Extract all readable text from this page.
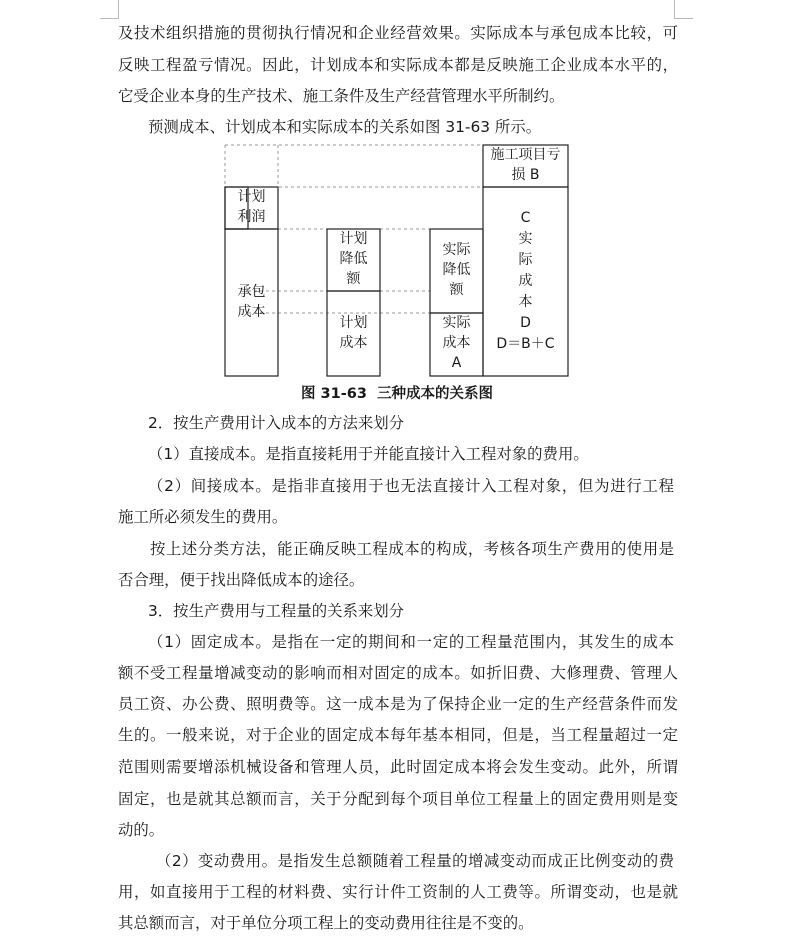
及技术组织措施的贯彻执行情况和企业经营效果。实际成本与承包成本比较，可
反映工程盈亏情况。因此，计划成本和实际成本都是反映施工企业成本水平的，
它受企业本身的生产技术、施工条件及生产经营管理水平所制约。
预测成本、计划成本和实际成本的关系如图 31-63 所示。
施工项目亏
损 B
计划
利润
承包
成本
计划
降低
额
计划
成本
实际
降低
额
实际
成本
A
C
实
际
成
本
D
D＝B＋C
图 31-63  三种成本的关系图
2．按生产费用计入成本的方法来划分
（1）直接成本。是指直接耗用于并能直接计入工程对象的费用。
（2）间接成本。是指非直接用于也无法直接计入工程对象，但为进行工程
施工所必须发生的费用。
按上述分类方法，能正确反映工程成本的构成，考核各项生产费用的使用是
否合理，便于找出降低成本的途径。
3．按生产费用与工程量的关系来划分
（1）固定成本。是指在一定的期间和一定的工程量范围内，其发生的成本
额不受工程量增减变动的影响而相对固定的成本。如折旧费、大修理费、管理人
员工资、办公费、照明费等。这一成本是为了保持企业一定的生产经营条件而发
生的。一般来说，对于企业的固定成本每年基本相同，但是，当工程量超过一定
范围则需要增添机械设备和管理人员，此时固定成本将会发生变动。此外，所谓
固定，也是就其总额而言，关于分配到每个项目单位工程量上的固定费用则是变
动的。
（2）变动费用。是指发生总额随着工程量的增减变动而成正比例变动的费
用，如直接用于工程的材料费、实行计件工资制的人工费等。所谓变动，也是就
其总额而言，对于单位分项工程上的变动费用往往是不变的。
